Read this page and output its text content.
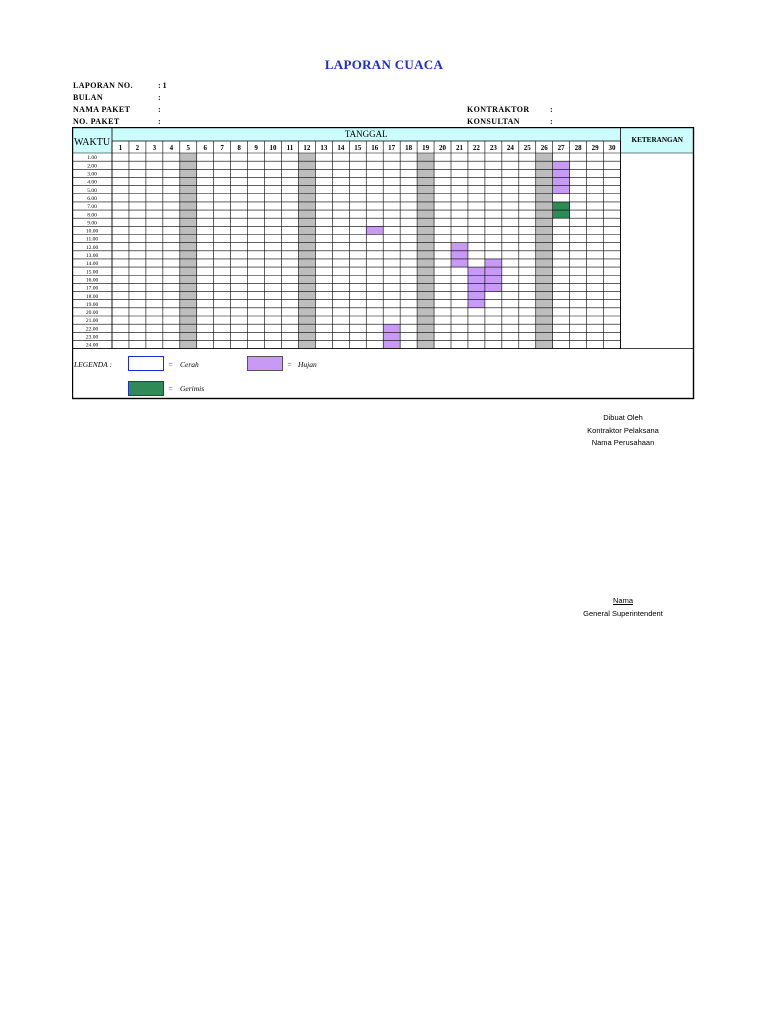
LAPORAN CUACA
LAPORAN NO.	: 1
BULAN	:
NAMA PAKET	:
NO. PAKET	:
KONTRAKTOR	:
KONSULTAN	:
WAKTU
TANGGAL
KETERANGAN
1 2 3 4 5 6 7 8 9 10 11 12 13 14 15 16 17 18 19 20 21 22 23 24 25 26 27 28 29 30
1.00
2.00
3.00
4.00
5.00
6.00
7.00
8.00
9.00
10.00
11.00
12.00
13.00
14.00
15.00
16.00
17.00
18.00
19.00
20.00
21.00
22.00
23.00
24.00
LEGENDA :	= Cerah	= Hujan
= Gerimis
Dibuat Oleh
Kontraktor Pelaksana
Nama Perusahaan
Nama
General Superintendent
